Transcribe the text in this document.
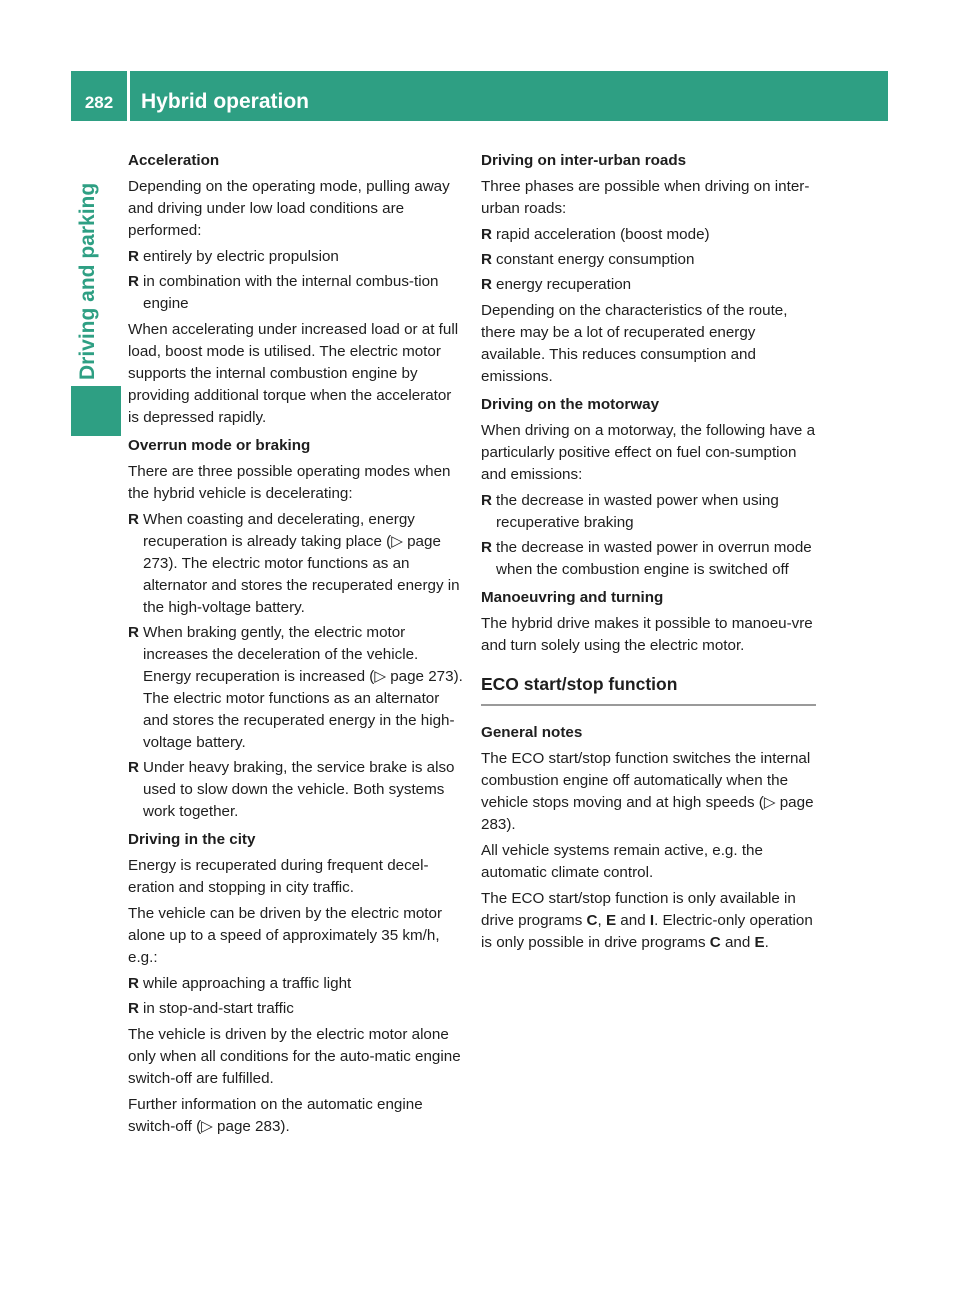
282	Hybrid operation
Driving and parking
Acceleration
Depending on the operating mode, pulling away and driving under low load conditions are performed:
R entirely by electric propulsion
R in combination with the internal combus-tion engine
When accelerating under increased load or at full load, boost mode is utilised. The electric motor supports the internal combustion engine by providing additional torque when the accelerator is depressed rapidly.
Overrun mode or braking
There are three possible operating modes when the hybrid vehicle is decelerating:
R When coasting and decelerating, energy recuperation is already taking place (▷ page 273). The electric motor functions as an alternator and stores the recuperated energy in the high-voltage battery.
R When braking gently, the electric motor increases the deceleration of the vehicle. Energy recuperation is increased (▷ page 273). The electric motor functions as an alternator and stores the recuperated energy in the high-voltage battery.
R Under heavy braking, the service brake is also used to slow down the vehicle. Both systems work together.
Driving in the city
Energy is recuperated during frequent decel-eration and stopping in city traffic.
The vehicle can be driven by the electric motor alone up to a speed of approximately 35 km/h, e.g.:
R while approaching a traffic light
R in stop-and-start traffic
The vehicle is driven by the electric motor alone only when all conditions for the auto-matic engine switch-off are fulfilled.
Further information on the automatic engine switch-off (▷ page 283).
Driving on inter-urban roads
Three phases are possible when driving on inter-urban roads:
R rapid acceleration (boost mode)
R constant energy consumption
R energy recuperation
Depending on the characteristics of the route, there may be a lot of recuperated energy available. This reduces consumption and emissions.
Driving on the motorway
When driving on a motorway, the following have a particularly positive effect on fuel con-sumption and emissions:
R the decrease in wasted power when using recuperative braking
R the decrease in wasted power in overrun mode when the combustion engine is switched off
Manoeuvring and turning
The hybrid drive makes it possible to manoeu-vre and turn solely using the electric motor.
ECO start/stop function
General notes
The ECO start/stop function switches the internal combustion engine off automatically when the vehicle stops moving and at high speeds (▷ page 283).
All vehicle systems remain active, e.g. the automatic climate control.
The ECO start/stop function is only available in drive programs C, E and I. Electric-only operation is only possible in drive programs C and E.
